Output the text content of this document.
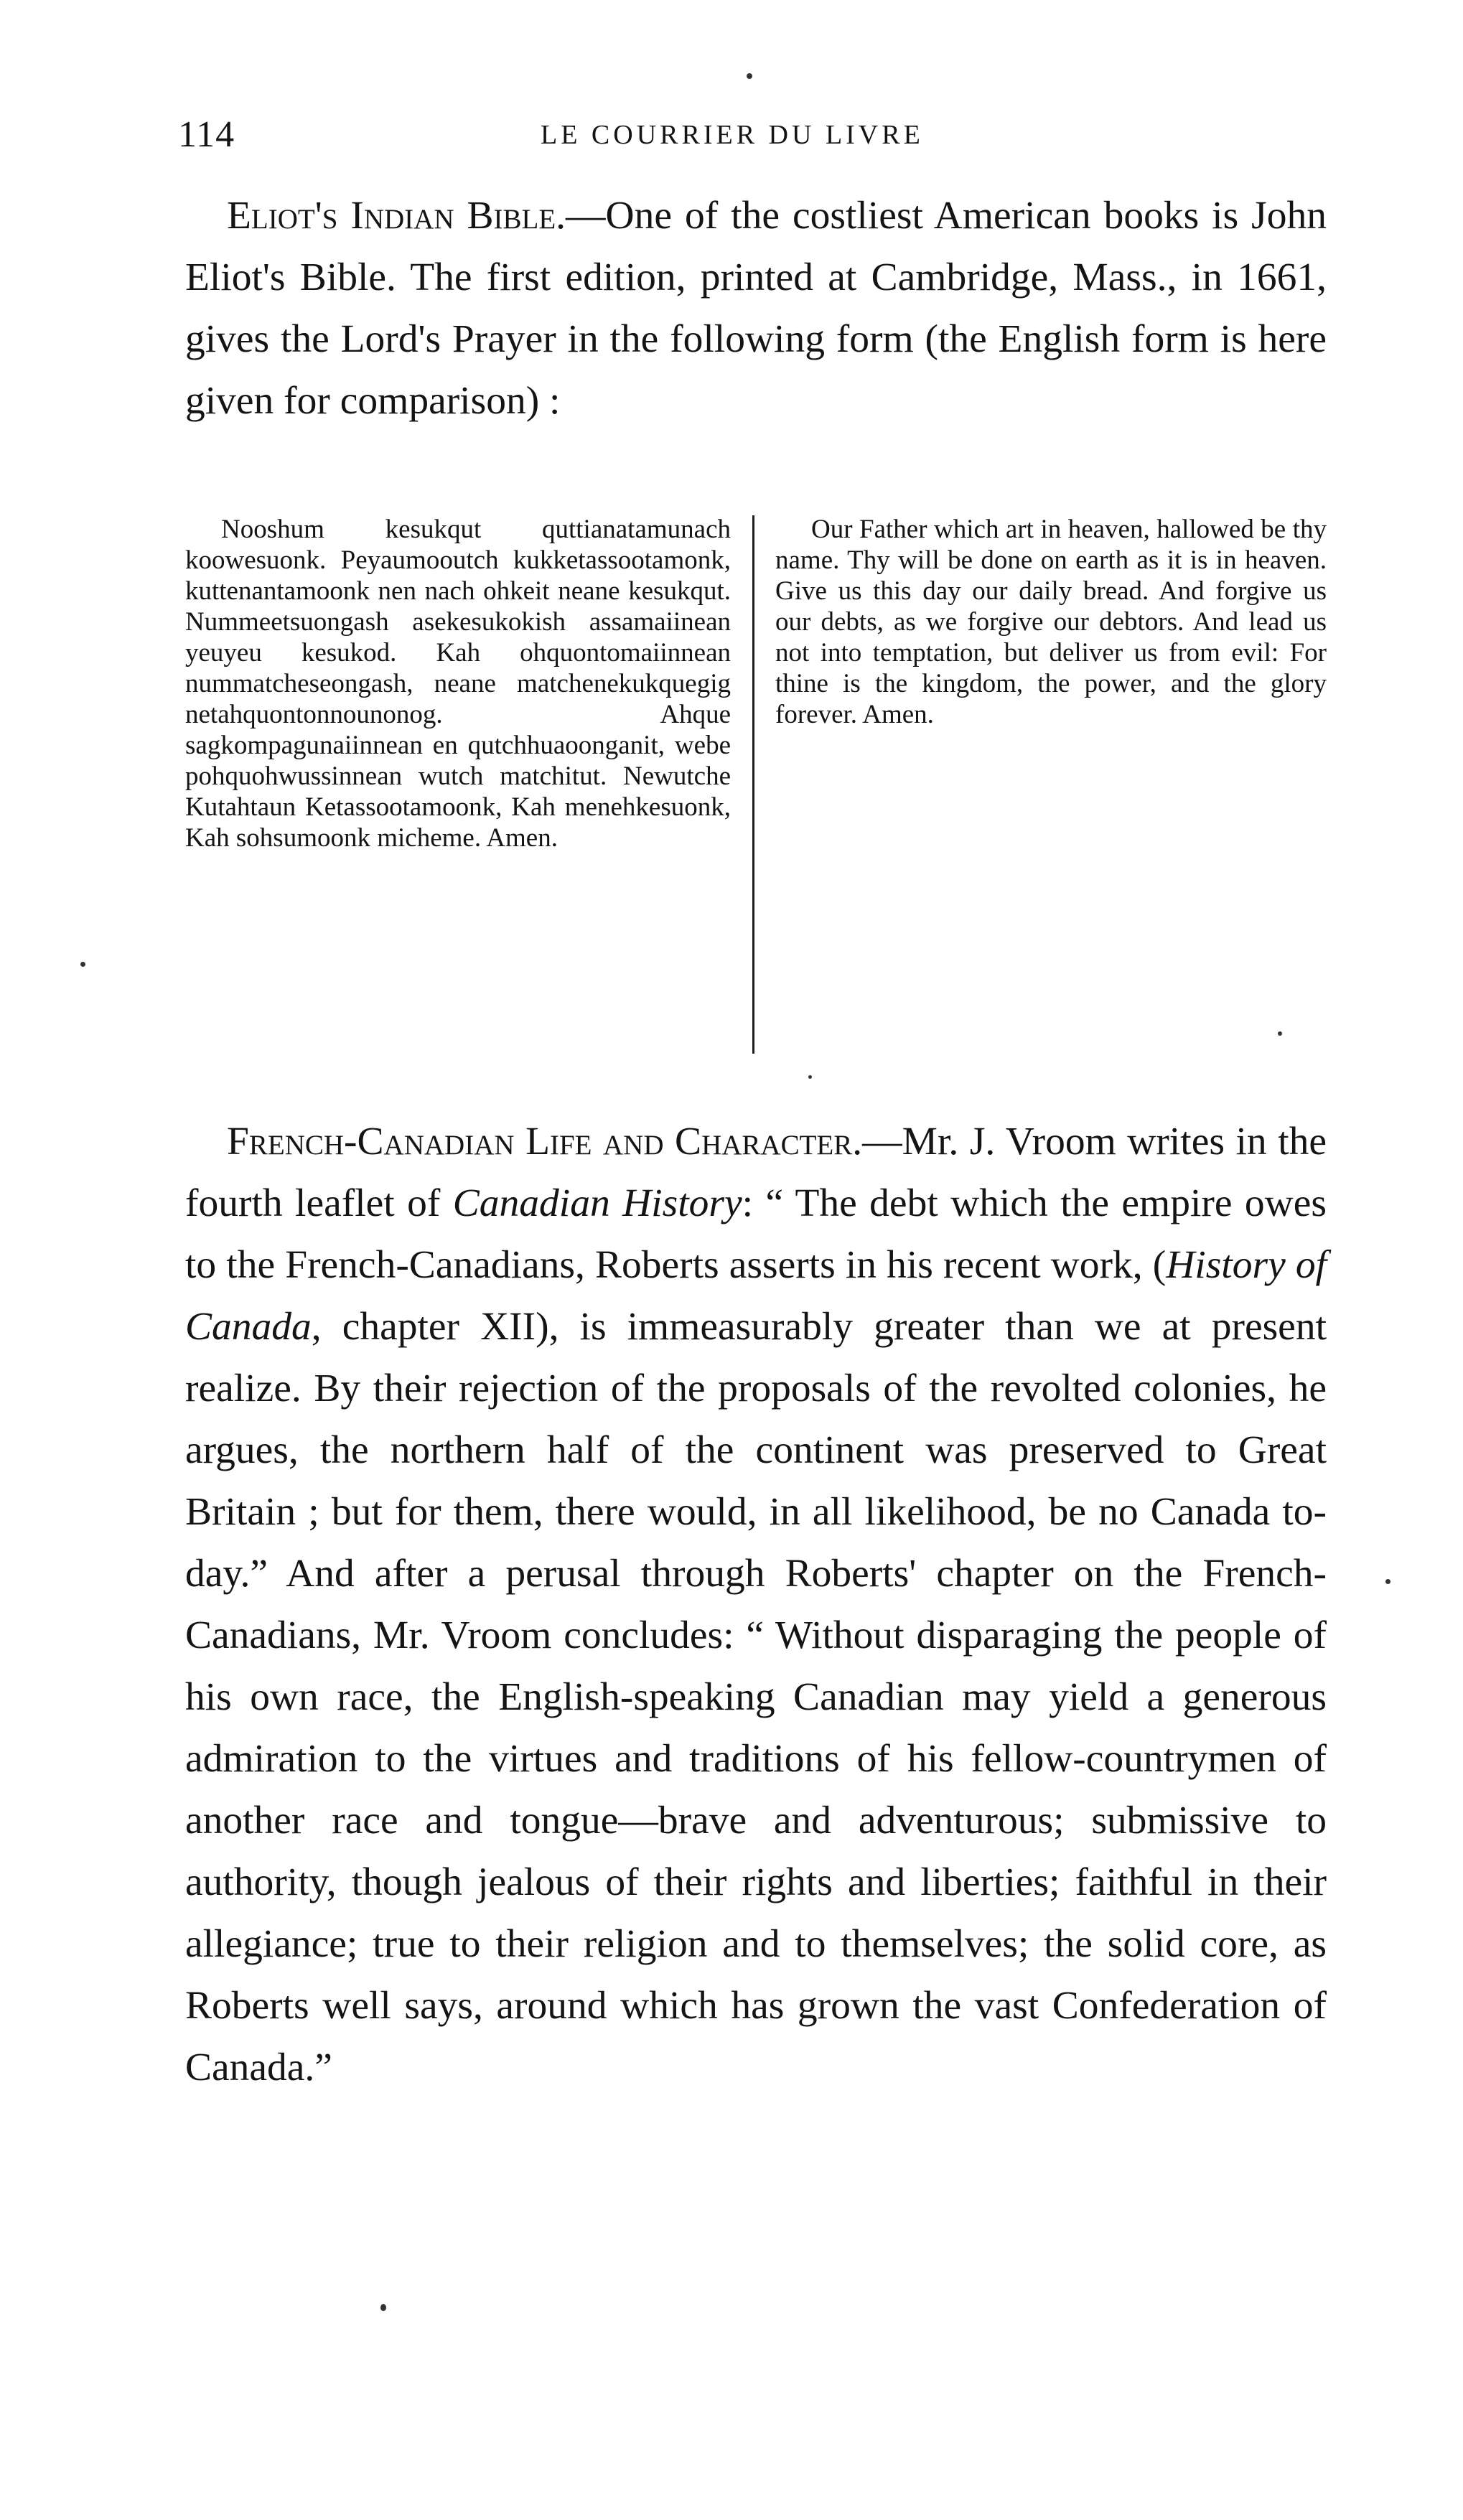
114	LE COURRIER DU LIVRE
Eliot's Indian Bible.—One of the costliest American books is John Eliot's Bible. The first edition, printed at Cambridge, Mass., in 1661, gives the Lord's Prayer in the following form (the English form is here given for comparison) :
Nooshum kesukqut quttianatamunach koowesuonk. Peyaumooutch kukketassootamonk, kuttenantamoonk nen nach ohkeit neane kesukqut. Nummeetsuongash asekesukokish assamaiinean yeuyeu kesukod. Kah ohquontomaiinnean nummatcheseongash, neane matchenekukquegig netahquontonnounonog. Ahque sagkompagunaiinnean en qutchhuaoonganit, webe pohquohwussinnean wutch matchitut. Newutche Kutahtaun Ketassootamoonk, Kah menehkesuonk, Kah sohsumoonk micheme. Amen.
Our Father which art in heaven, hallowed be thy name. Thy will be done on earth as it is in heaven. Give us this day our daily bread. And forgive us our debts, as we forgive our debtors. And lead us not into temptation, but deliver us from evil: For thine is the kingdom, the power, and the glory forever. Amen.
French-Canadian Life and Character.—Mr. J. Vroom writes in the fourth leaflet of Canadian History: “ The debt which the empire owes to the French-Canadians, Roberts asserts in his recent work, (History of Canada, chapter XII), is immeasurably greater than we at present realize. By their rejection of the proposals of the revolted colonies, he argues, the northern half of the continent was preserved to Great Britain ; but for them, there would, in all likelihood, be no Canada to-day.” And after a perusal through Roberts' chapter on the French-Canadians, Mr. Vroom concludes: “ Without disparaging the people of his own race, the English-speaking Canadian may yield a generous admiration to the virtues and traditions of his fellow-countrymen of another race and tongue—brave and adventurous; submissive to authority, though jealous of their rights and liberties; faithful in their allegiance; true to their religion and to themselves; the solid core, as Roberts well says, around which has grown the vast Confederation of Canada.”
